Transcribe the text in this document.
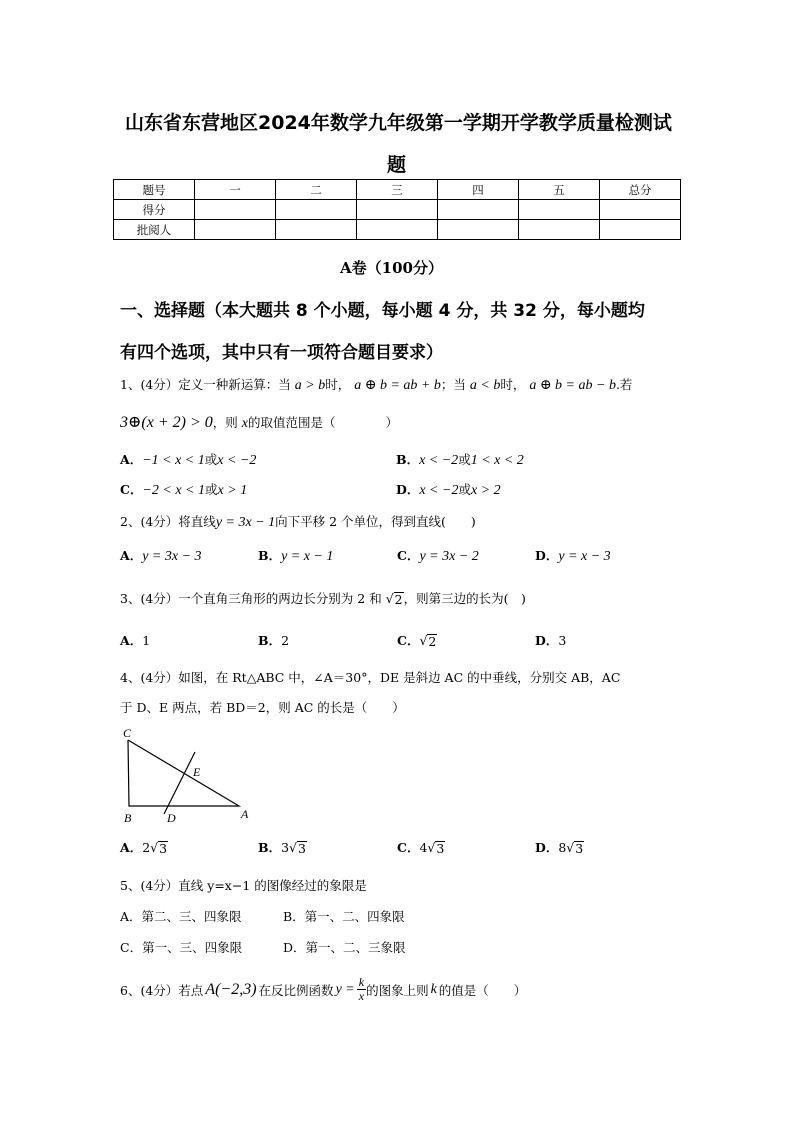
山东省东营地区2024年数学九年级第一学期开学教学质量检测试
题
题号	一	二	三	四	五	总分
得分						
批阅人						
A卷（100分）
一、选择题（本大题共 8 个小题，每小题 4 分，共 32 分，每小题均
有四个选项，其中只有一项符合题目要求）
1、(4分）定义一种新运算：当 a > b时， a ⊕ b = ab + b；当 a < b时， a ⊕ b = ab − b.若
3⊕(x + 2) > 0，则 x的取值范围是（　　　　）
A．−1 < x < 1或x < −2	B．x < −2或1 < x < 2
C．−2 < x < 1或x > 1	D．x < −2或x > 2
2、(4分）将直线y = 3x − 1向下平移 2 个单位，得到直线(　　)
A．y = 3x − 3	B．y = x − 1	C．y = 3x − 2	D．y = x − 3
3、(4分）一个直角三角形的两边长分别为 2 和 √ 2 ，则第三边的长为(　)
A．1	B．2	C．√ 2	D．3
4、(4分）如图，在 Rt△ABC 中，∠A＝30°，DE 是斜边 AC 的中垂线，分别交 AB，AC
于 D、E 两点，若 BD＝2，则 AC 的长是（　　）
C
E
B	D	A
A．2√ 3	B．3√ 3	C．4√ 3	D．8√ 3
5、(4分）直线 y=x−1 的图像经过的象限是
A．第二、三、四象限	B．第一、二、四象限
C．第一、三、四象限	D．第一、二、三象限
6、(4分） 若点 A(−2,3) 在反比例函数 $y = \frac{k}{x}$ 的图象上则 k 的值是（　　）
